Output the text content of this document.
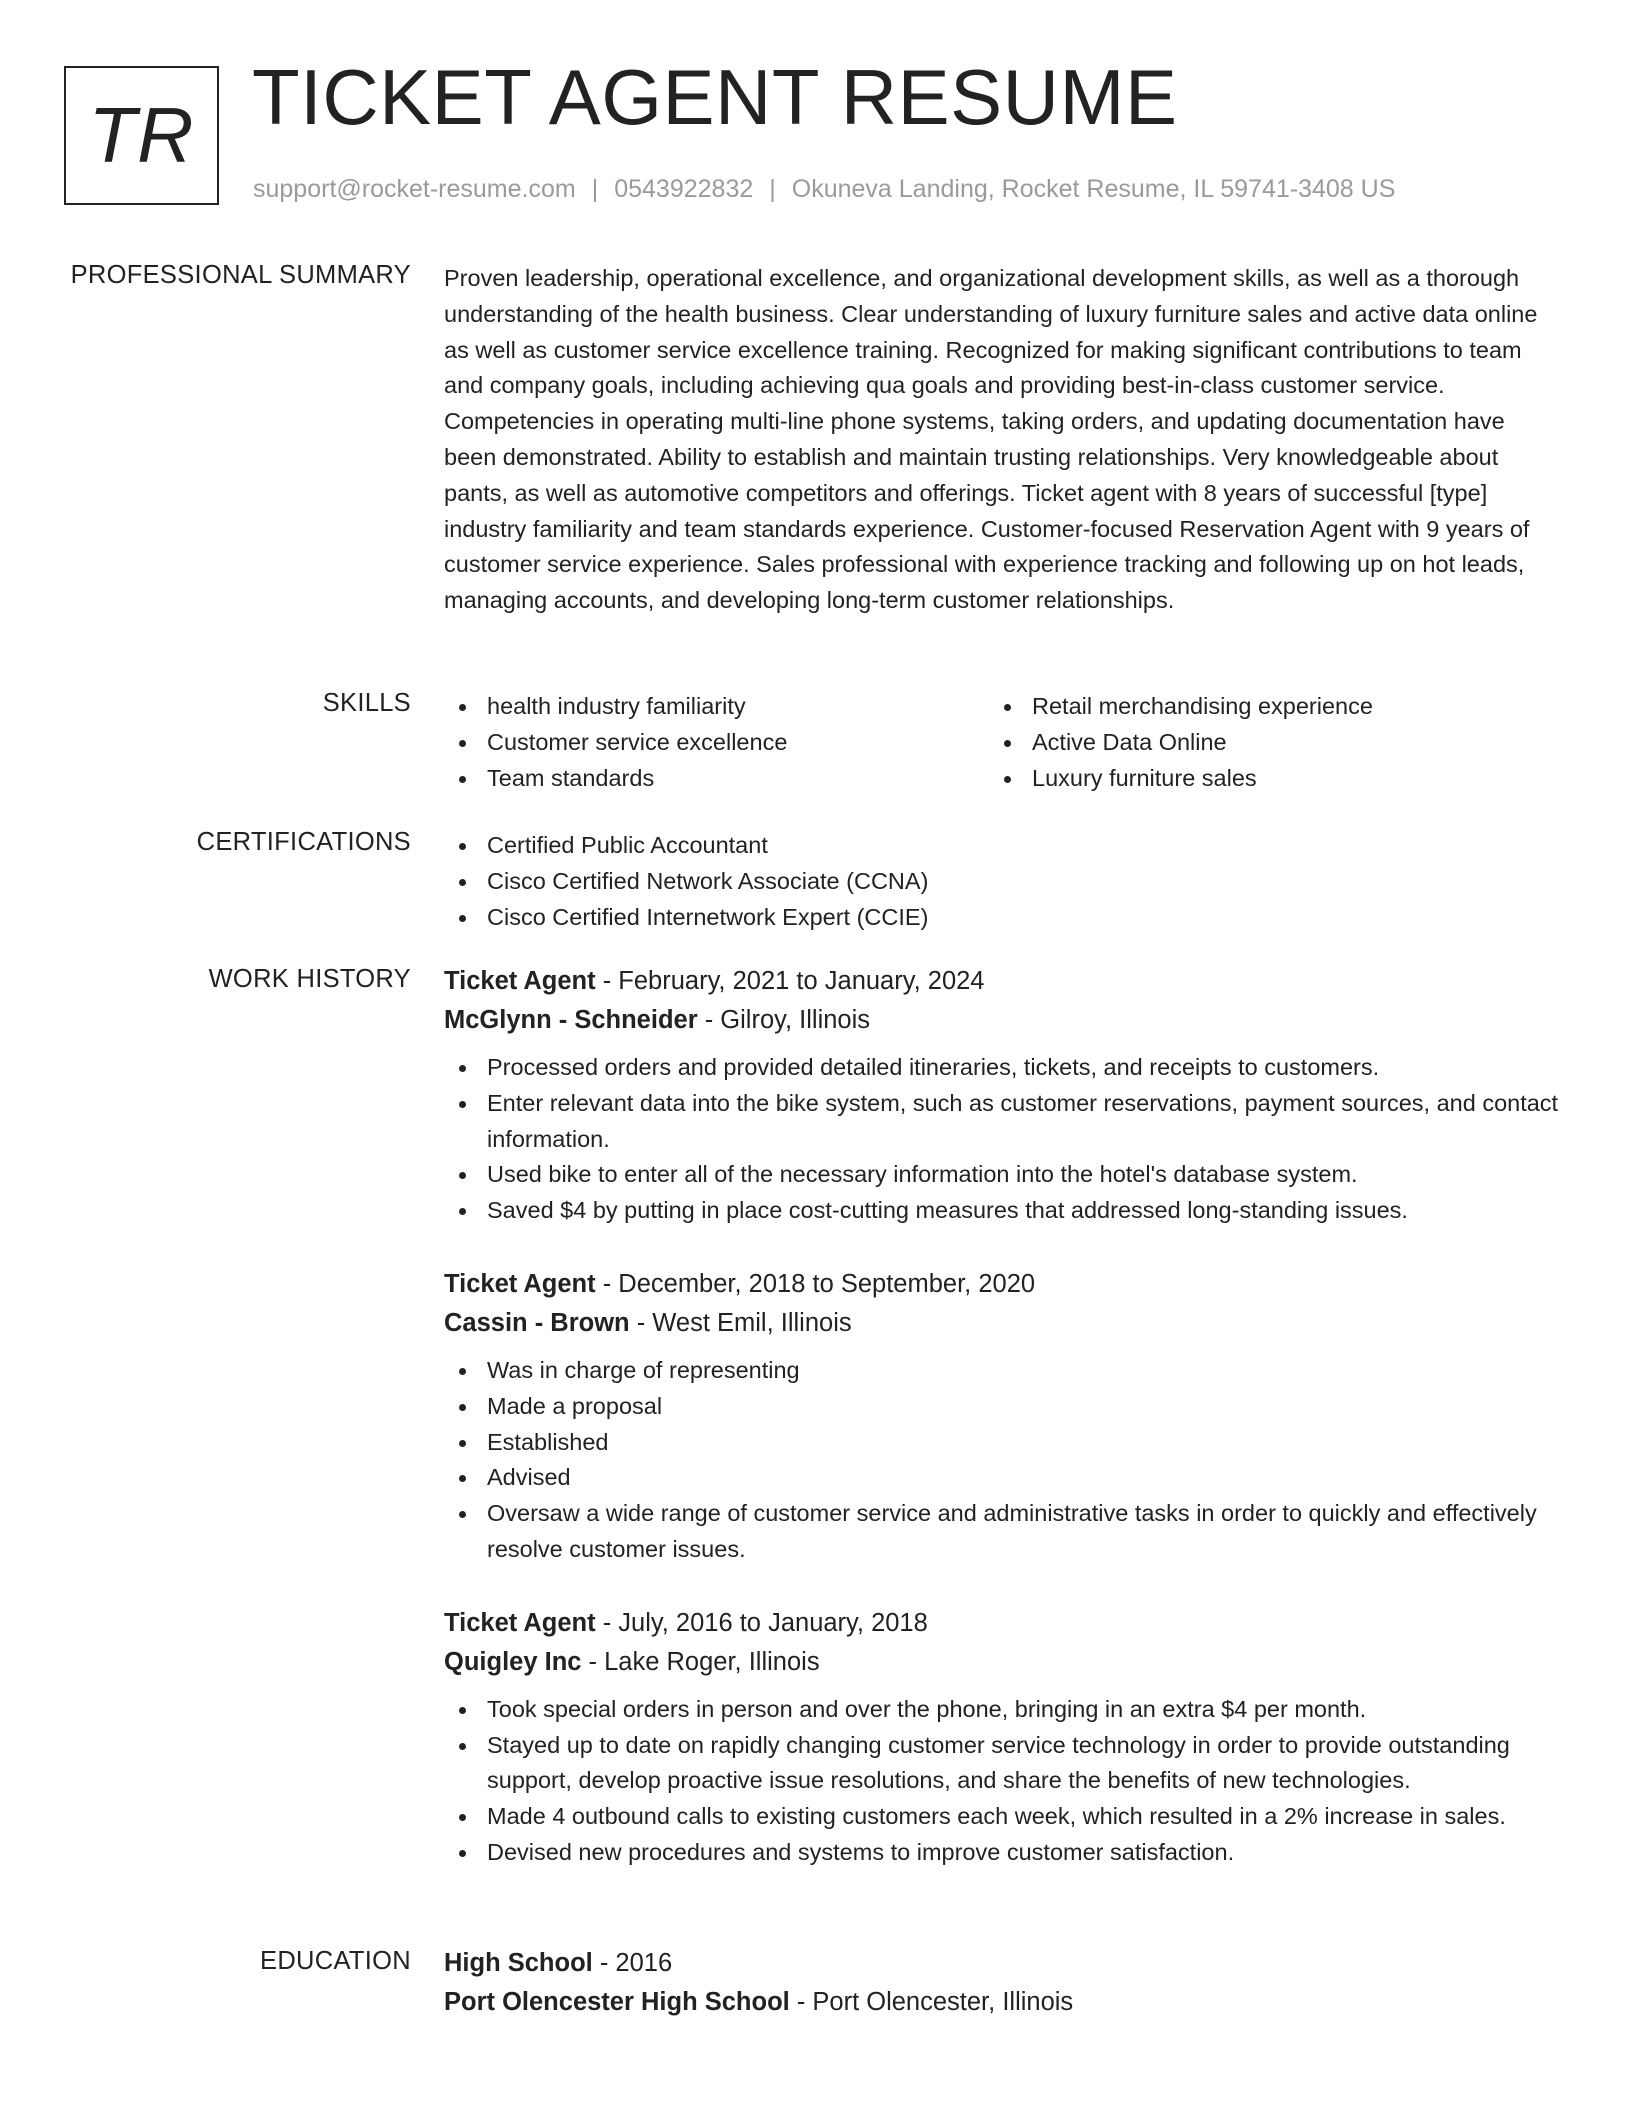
TR TICKET AGENT RESUME
support@rocket-resume.com | 0543922832 | Okuneva Landing, Rocket Resume, IL 59741-3408 US
PROFESSIONAL SUMMARY Proven leadership, operational excellence, and organizational development skills, as well as a thorough understanding of the health business. Clear understanding of luxury furniture sales and active data online as well as customer service excellence training. Recognized for making significant contributions to team and company goals, including achieving qua goals and providing best-in-class customer service. Competencies in operating multi-line phone systems, taking orders, and updating documentation have been demonstrated. Ability to establish and maintain trusting relationships. Very knowledgeable about pants, as well as automotive competitors and offerings. Ticket agent with 8 years of successful [type] industry familiarity and team standards experience. Customer-focused Reservation Agent with 9 years of customer service experience. Sales professional with experience tracking and following up on hot leads, managing accounts, and developing long-term customer relationships.

SKILLS	health industry familiarity
Customer service excellence
Team standards
Retail merchandising experience
Active Data Online
Luxury furniture sales
CERTIFICATIONS	Certified Public Accountant
Cisco Certified Network Associate (CCNA)
Cisco Certified Internetwork Expert (CCIE)
WORK HISTORY Ticket Agent - February, 2021 to January, 2024
McGlynn - Schneider - Gilroy, Illinois
Processed orders and provided detailed itineraries, tickets, and receipts to customers.
Enter relevant data into the bike system, such as customer reservations, payment sources, and contact information.
Used bike to enter all of the necessary information into the hotel's database system.
Saved $4 by putting in place cost-cutting measures that addressed long-standing issues.
Ticket Agent - December, 2018 to September, 2020
Cassin - Brown - West Emil, Illinois
Was in charge of representing
Made a proposal
Established
Advised
Oversaw a wide range of customer service and administrative tasks in order to quickly and effectively resolve customer issues.
Ticket Agent - July, 2016 to January, 2018
Quigley Inc - Lake Roger, Illinois
Took special orders in person and over the phone, bringing in an extra $4 per month.
Stayed up to date on rapidly changing customer service technology in order to provide outstanding support, develop proactive issue resolutions, and share the benefits of new technologies.
Made 4 outbound calls to existing customers each week, which resulted in a 2% increase in sales.
Devised new procedures and systems to improve customer satisfaction.
EDUCATION High School - 2016
Port Olencester High School - Port Olencester, Illinois
